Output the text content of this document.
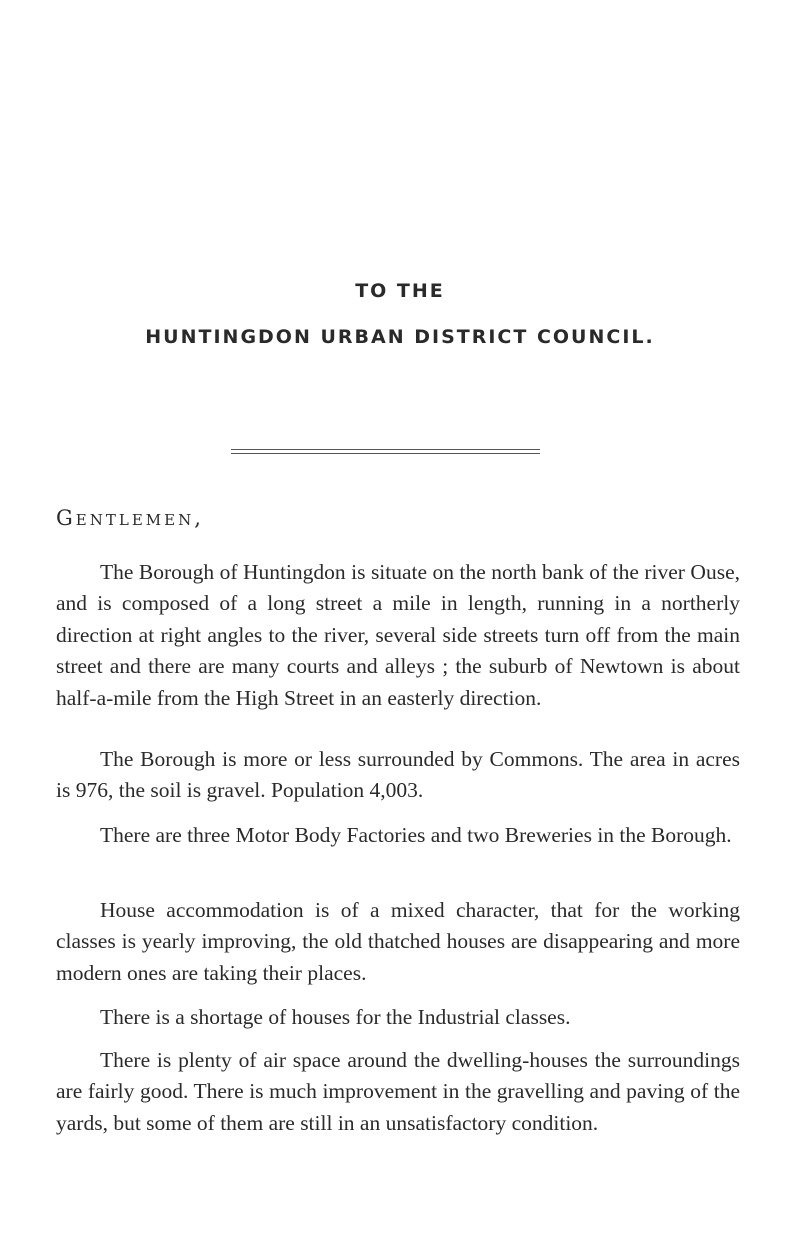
TO THE
HUNTINGDON URBAN DISTRICT COUNCIL.

Gentlemen,

The Borough of Huntingdon is situate on the north bank of the river Ouse, and is composed of a long street a mile in length, running in a northerly direction at right angles to the river, several side streets turn off from the main street and there are many courts and alleys ; the suburb of Newtown is about half-a-mile from the High Street in an easterly direction.

The Borough is more or less surrounded by Commons. The area in acres is 976, the soil is gravel. Population 4,003.

There are three Motor Body Factories and two Breweries in the Borough.

House accommodation is of a mixed character, that for the working classes is yearly improving, the old thatched houses are disappearing and more modern ones are taking their places.

There is a shortage of houses for the Industrial classes.

There is plenty of air space around the dwelling-houses the surroundings are fairly good. There is much improvement in the gravelling and paving of the yards, but some of them are still in an unsatisfactory condition.
